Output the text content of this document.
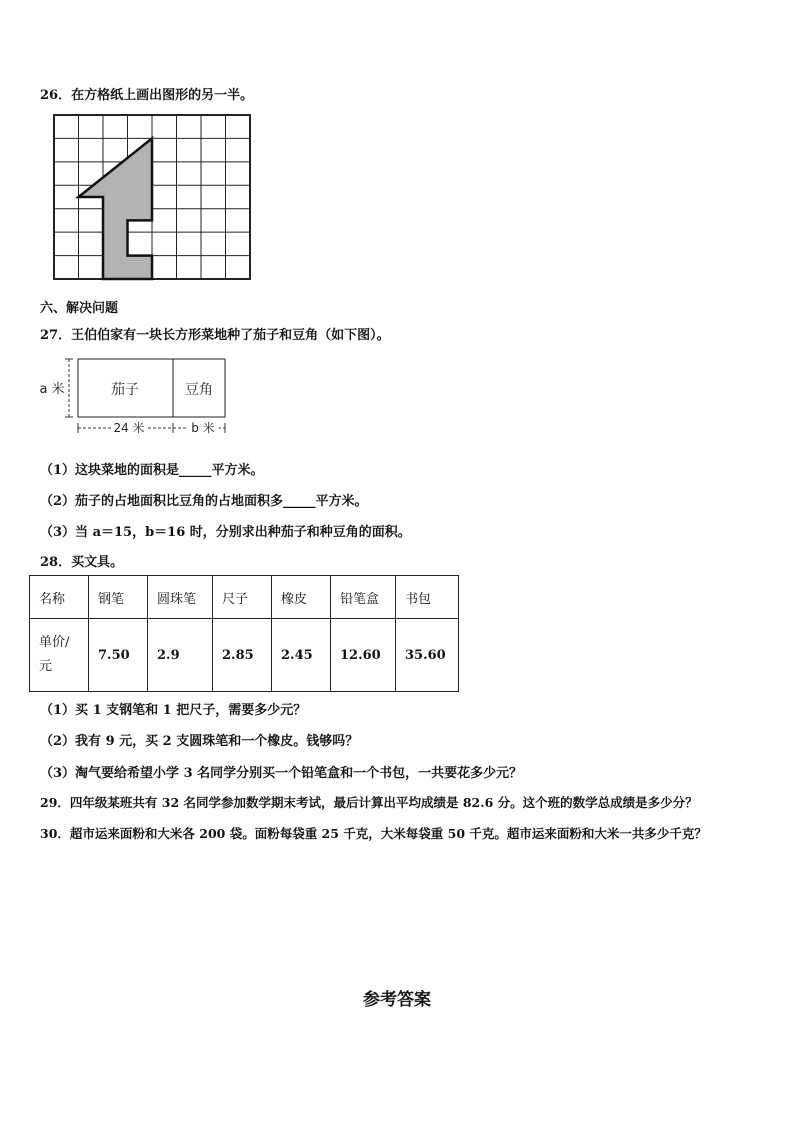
26．在方格纸上画出图形的另一半。
六、解决问题
27．王伯伯家有一块长方形菜地种了茄子和豆角（如下图）。
a 米	茄子	豆角
24 米	b 米
（1）这块菜地的面积是_____平方米。
（2）茄子的占地面积比豆角的占地面积多_____平方米。
（3）当 a＝15，b＝16 时，分别求出种茄子和种豆角的面积。
28．买文具。
名称	钢笔	圆珠笔	尺子	橡皮	铅笔盒	书包
单价/
元	7.50	2.9	2.85	2.45	12.60	35.60
（1）买 1 支钢笔和 1 把尺子，需要多少元？
（2）我有 9 元，买 2 支圆珠笔和一个橡皮。钱够吗？
（3）淘气要给希望小学 3 名同学分别买一个铅笔盒和一个书包，一共要花多少元？
29．四年级某班共有 32 名同学参加数学期末考试，最后计算出平均成绩是 82.6 分。这个班的数学总成绩是多少分？
30．超市运来面粉和大米各 200 袋。面粉每袋重 25 千克，大米每袋重 50 千克。超市运来面粉和大米一共多少千克？
参考答案
